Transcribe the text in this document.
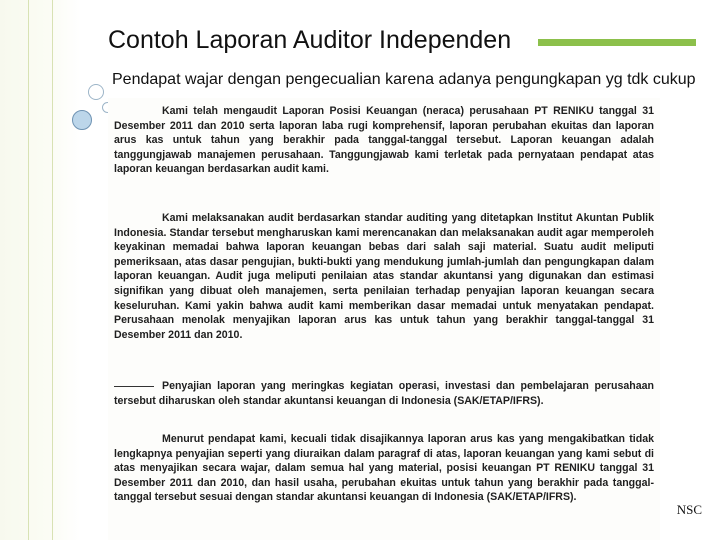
Contoh Laporan Auditor Independen
Pendapat wajar dengan pengecualian karena adanya pengungkapan yg tdk cukup

Kami telah mengaudit Laporan Posisi Keuangan (neraca) perusahaan PT RENIKU tanggal 31 Desember 2011 dan 2010 serta laporan laba rugi komprehensif, laporan perubahan ekuitas dan laporan arus kas untuk tahun yang berakhir pada tanggal-tanggal tersebut. Laporan keuangan adalah tanggungjawab manajemen perusahaan. Tanggungjawab kami terletak pada pernyataan pendapat atas laporan keuangan berdasarkan audit kami.

Kami melaksanakan audit berdasarkan standar auditing yang ditetapkan Institut Akuntan Publik Indonesia. Standar tersebut mengharuskan kami merencanakan dan melaksanakan audit agar memperoleh keyakinan memadai bahwa laporan keuangan bebas dari salah saji material. Suatu audit meliputi pemeriksaan, atas dasar pengujian, bukti-bukti yang mendukung jumlah-jumlah dan pengungkapan dalam laporan keuangan. Audit juga meliputi penilaian atas standar akuntansi yang digunakan dan estimasi signifikan yang dibuat oleh manajemen, serta penilaian terhadap penyajian laporan keuangan secara keseluruhan. Kami yakin bahwa audit kami memberikan dasar memadai untuk menyatakan pendapat. Perusahaan menolak menyajikan laporan arus kas untuk tahun yang berakhir tanggal-tanggal 31 Desember 2011 dan 2010.

Penyajian laporan yang meringkas kegiatan operasi, investasi dan pembelajaran perusahaan tersebut diharuskan oleh standar akuntansi keuangan di Indonesia (SAK/ETAP/IFRS).

Menurut pendapat kami, kecuali tidak disajikannya laporan arus kas yang mengakibatkan tidak lengkapnya penyajian seperti yang diuraikan dalam paragraf di atas, laporan keuangan yang kami sebut di atas menyajikan secara wajar, dalam semua hal yang material, posisi keuangan PT RENIKU tanggal 31 Desember 2011 dan 2010, dan hasil usaha, perubahan ekuitas untuk tahun yang berakhir pada tanggal-tanggal tersebut sesuai dengan standar akuntansi keuangan di Indonesia (SAK/ETAP/IFRS).

NSC
